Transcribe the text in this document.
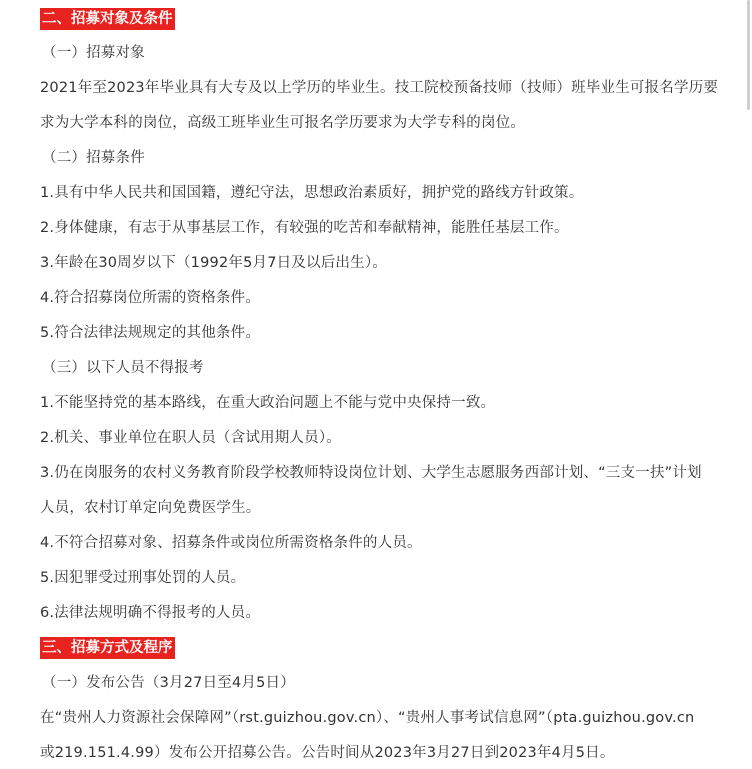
二、招募对象及条件
（一）招募对象
2021年至2023年毕业具有大专及以上学历的毕业生。技工院校预备技师（技师）班毕业生可报名学历要
求为大学本科的岗位，高级工班毕业生可报名学历要求为大学专科的岗位。
（二）招募条件
1.具有中华人民共和国国籍，遵纪守法，思想政治素质好，拥护党的路线方针政策。
2.身体健康，有志于从事基层工作，有较强的吃苦和奉献精神，能胜任基层工作。
3.年龄在30周岁以下（1992年5月7日及以后出生）。
4.符合招募岗位所需的资格条件。
5.符合法律法规规定的其他条件。
（三）以下人员不得报考
1.不能坚持党的基本路线，在重大政治问题上不能与党中央保持一致。
2.机关、事业单位在职人员（含试用期人员）。
3.仍在岗服务的农村义务教育阶段学校教师特设岗位计划、大学生志愿服务西部计划、“三支一扶”计划
人员，农村订单定向免费医学生。
4.不符合招募对象、招募条件或岗位所需资格条件的人员。
5.因犯罪受过刑事处罚的人员。
6.法律法规明确不得报考的人员。
三、招募方式及程序
（一）发布公告（3月27日至4月5日）
在“贵州人力资源社会保障网”（rst.guizhou.gov.cn）、“贵州人事考试信息网”（pta.guizhou.gov.cn
或219.151.4.99）发布公开招募公告。公告时间从2023年3月27日到2023年4月5日。
